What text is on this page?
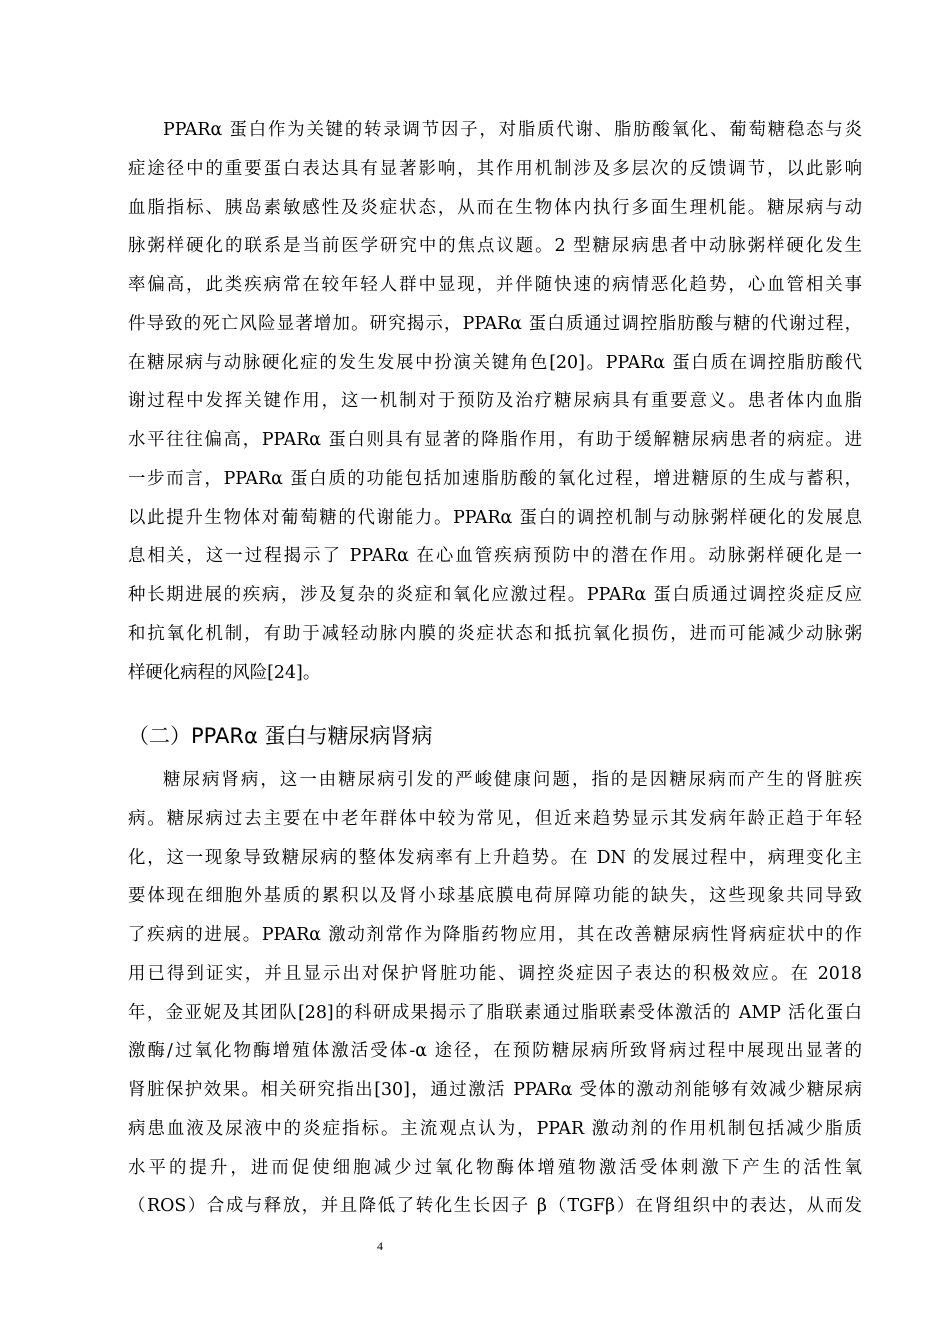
PPARα 蛋白作为关键的转录调节因子，对脂质代谢、脂肪酸氧化、葡萄糖稳态与炎
症途径中的重要蛋白表达具有显著影响，其作用机制涉及多层次的反馈调节，以此影响
血脂指标、胰岛素敏感性及炎症状态，从而在生物体内执行多面生理机能。糖尿病与动
脉粥样硬化的联系是当前医学研究中的焦点议题。2 型糖尿病患者中动脉粥样硬化发生
率偏高，此类疾病常在较年轻人群中显现，并伴随快速的病情恶化趋势，心血管相关事
件导致的死亡风险显著增加。研究揭示，PPARα 蛋白质通过调控脂肪酸与糖的代谢过程，
在糖尿病与动脉硬化症的发生发展中扮演关键角色[20]。PPARα 蛋白质在调控脂肪酸代
谢过程中发挥关键作用，这一机制对于预防及治疗糖尿病具有重要意义。患者体内血脂
水平往往偏高，PPARα 蛋白则具有显著的降脂作用，有助于缓解糖尿病患者的病症。进
一步而言，PPARα 蛋白质的功能包括加速脂肪酸的氧化过程，增进糖原的生成与蓄积，
以此提升生物体对葡萄糖的代谢能力。PPARα 蛋白的调控机制与动脉粥样硬化的发展息
息相关，这一过程揭示了 PPARα 在心血管疾病预防中的潜在作用。动脉粥样硬化是一
种长期进展的疾病，涉及复杂的炎症和氧化应激过程。PPARα 蛋白质通过调控炎症反应
和抗氧化机制，有助于减轻动脉内膜的炎症状态和抵抗氧化损伤，进而可能减少动脉粥
样硬化病程的风险[24]。
（二）PPARα 蛋白与糖尿病肾病
糖尿病肾病，这一由糖尿病引发的严峻健康问题，指的是因糖尿病而产生的肾脏疾
病。糖尿病过去主要在中老年群体中较为常见，但近来趋势显示其发病年龄正趋于年轻
化，这一现象导致糖尿病的整体发病率有上升趋势。在 DN 的发展过程中，病理变化主
要体现在细胞外基质的累积以及肾小球基底膜电荷屏障功能的缺失，这些现象共同导致
了疾病的进展。PPARα 激动剂常作为降脂药物应用，其在改善糖尿病性肾病症状中的作
用已得到证实，并且显示出对保护肾脏功能、调控炎症因子表达的积极效应。在 2018
年，金亚妮及其团队[28]的科研成果揭示了脂联素通过脂联素受体激活的 AMP 活化蛋白
激酶/过氧化物酶增殖体激活受体-α 途径，在预防糖尿病所致肾病过程中展现出显著的
肾脏保护效果。相关研究指出[30]，通过激活 PPARα 受体的激动剂能够有效减少糖尿病
病患血液及尿液中的炎症指标。主流观点认为，PPAR 激动剂的作用机制包括减少脂质
水平的提升，进而促使细胞减少过氧化物酶体增殖物激活受体刺激下产生的活性氧
（ROS）合成与释放，并且降低了转化生长因子 β（TGFβ）在肾组织中的表达，从而发
4
